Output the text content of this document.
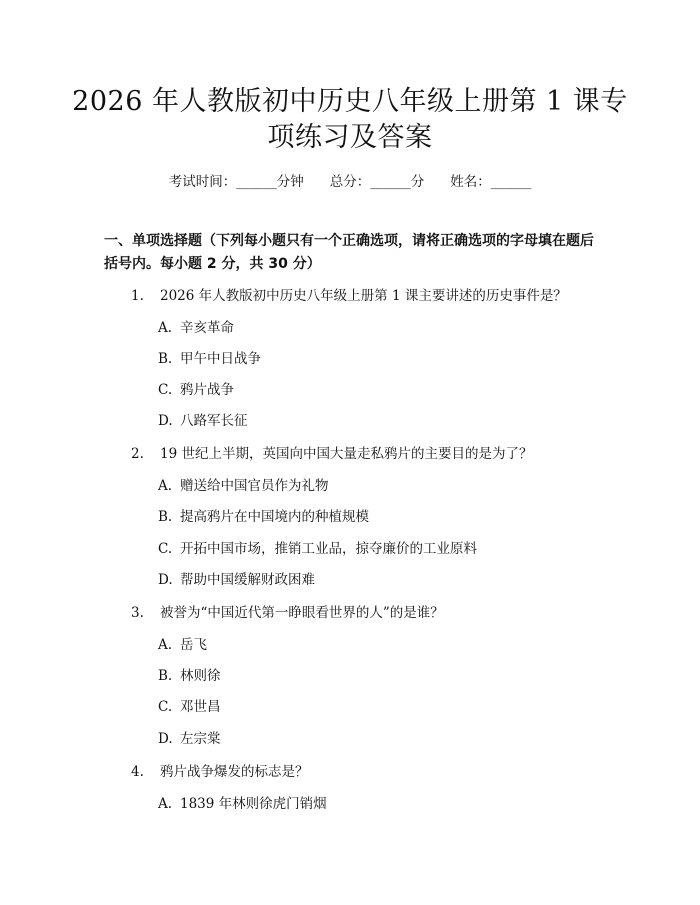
2026 年人教版初中历史八年级上册第 1 课专
项练习及答案
考试时间：______分钟 总分：______分 姓名：______
一、单项选择题（下列每小题只有一个正确选项，请将正确选项的字母填在题后
括号内。每小题 2 分，共 30 分）
1. 2026 年人教版初中历史八年级上册第 1 课主要讲述的历史事件是？
A. 辛亥革命
B. 甲午中日战争
C. 鸦片战争
D. 八路军长征
2. 19 世纪上半期，英国向中国大量走私鸦片的主要目的是为了？
A. 赠送给中国官员作为礼物
B. 提高鸦片在中国境内的种植规模
C. 开拓中国市场，推销工业品，掠夺廉价的工业原料
D. 帮助中国缓解财政困难
3. 被誉为“中国近代第一睁眼看世界的人”的是谁？
A. 岳飞
B. 林则徐
C. 邓世昌
D. 左宗棠
4. 鸦片战争爆发的标志是？
A. 1839 年林则徐虎门销烟
